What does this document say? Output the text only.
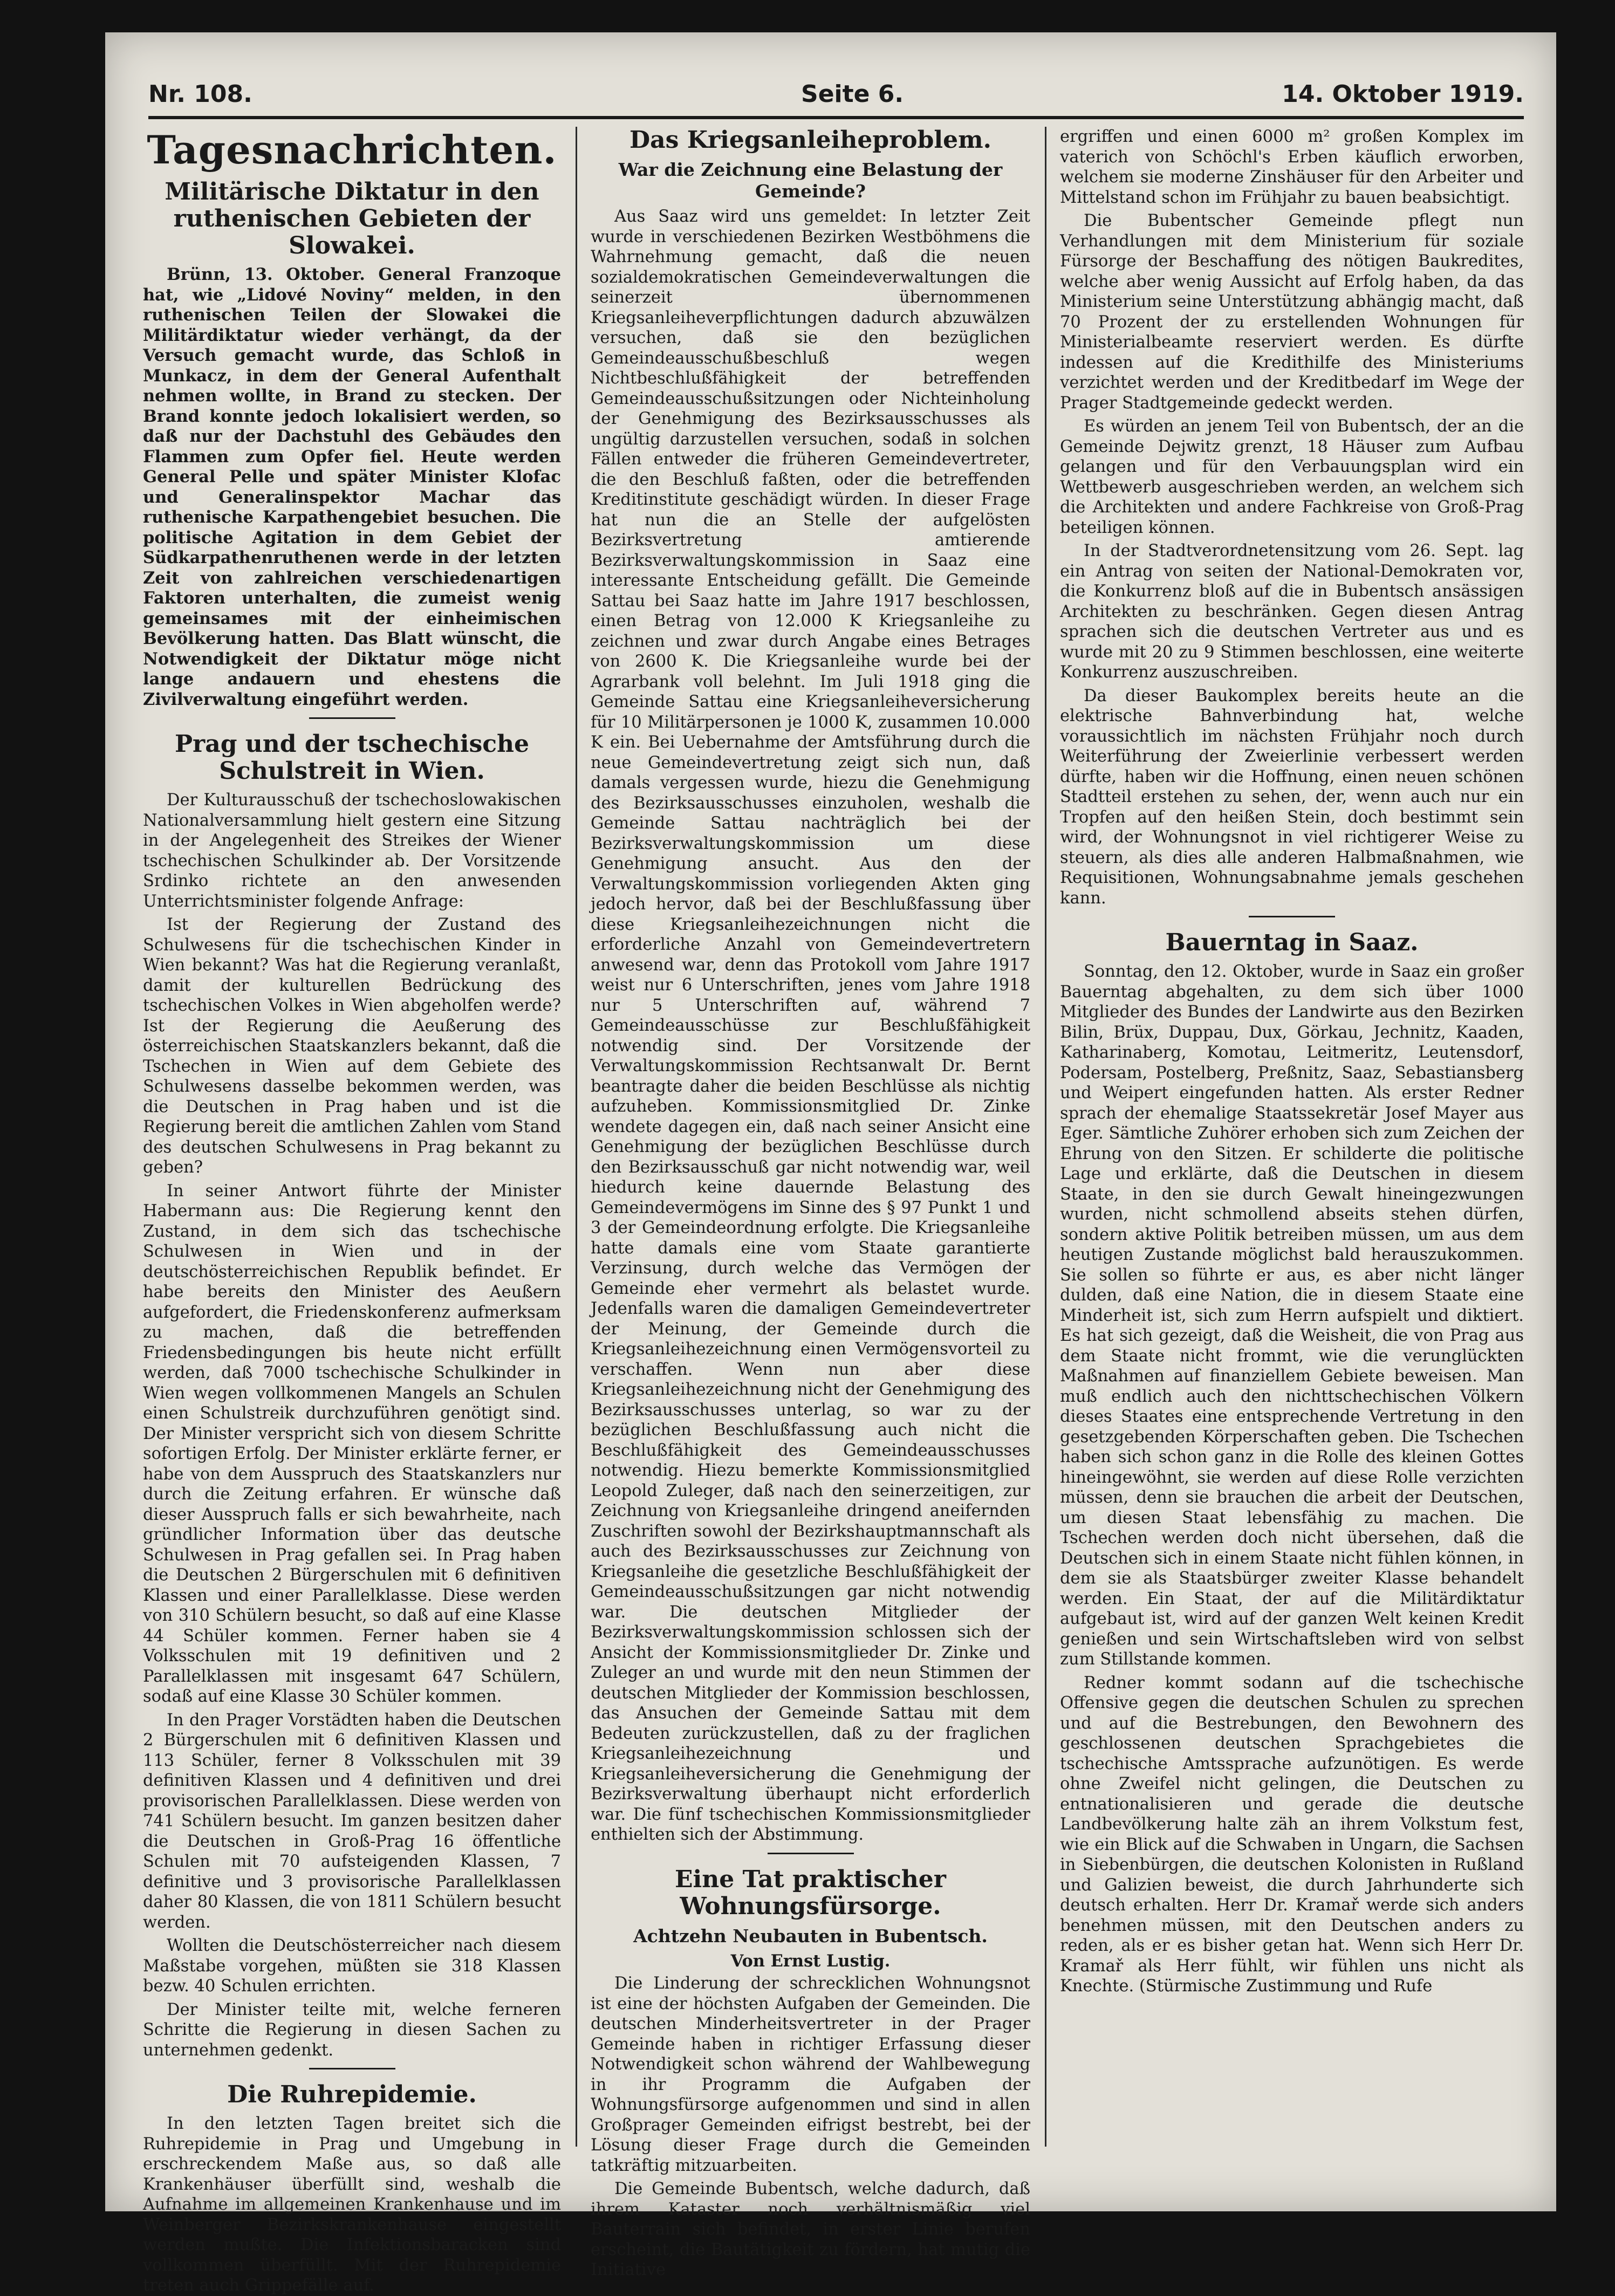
Nr. 108.	Seite 6.	14. Oktober 1919.
Tagesnachrichten.
Militärische Diktatur in den ruthenischen Gebieten der Slowakei.

Brünn, 13. Oktober. General Franzoque hat, wie „Lidové Noviny“ melden, in den ruthenischen Teilen der Slowakei die Militärdiktatur wieder verhängt, da der Versuch gemacht wurde, das Schloß in Munkacz, in dem der General Aufenthalt nehmen wollte, in Brand zu stecken. Der Brand konnte jedoch lokalisiert werden, so daß nur der Dachstuhl des Gebäudes den Flammen zum Opfer fiel. Heute werden General Pelle und später Minister Klofac und Generalinspektor Machar das ruthenische Karpathengebiet besuchen. Die politische Agitation in dem Gebiet der Südkarpathenruthenen werde in der letzten Zeit von zahlreichen verschiedenartigen Faktoren unterhalten, die zumeist wenig gemeinsames mit der einheimischen Bevölkerung hatten. Das Blatt wünscht, die Notwendigkeit der Diktatur möge nicht lange andauern und ehestens die Zivilverwaltung eingeführt werden.

Prag und der tschechische Schulstreit in Wien.

Der Kulturausschuß der tschechoslowakischen Nationalversammlung hielt gestern eine Sitzung in der Angelegenheit des Streikes der Wiener tschechischen Schulkinder ab. Der Vorsitzende Srdinko richtete an den anwesenden Unterrichtsminister folgende Anfrage:

Ist der Regierung der Zustand des Schulwesens für die tschechischen Kinder in Wien bekannt? Was hat die Regierung veranlaßt, damit der kulturellen Bedrückung des tschechischen Volkes in Wien abgeholfen werde? Ist der Regierung die Aeußerung des österreichischen Staatskanzlers bekannt, daß die Tschechen in Wien auf dem Gebiete des Schulwesens dasselbe bekommen werden, was die Deutschen in Prag haben und ist die Regierung bereit die amtlichen Zahlen vom Stand des deutschen Schulwesens in Prag bekannt zu geben?

In seiner Antwort führte der Minister Habermann aus: Die Regierung kennt den Zustand, in dem sich das tschechische Schulwesen in Wien und in der deutschösterreichischen Republik befindet. Er habe bereits den Minister des Aeußern aufgefordert, die Friedenskonferenz aufmerksam zu machen, daß die betreffenden Friedensbedingungen bis heute nicht erfüllt werden, daß 7000 tschechische Schulkinder in Wien wegen vollkommenen Mangels an Schulen einen Schulstreik durchzuführen genötigt sind. Der Minister verspricht sich von diesem Schritte sofortigen Erfolg. Der Minister erklärte ferner, er habe von dem Ausspruch des Staatskanzlers nur durch die Zeitung erfahren. Er wünsche daß dieser Ausspruch falls er sich bewahrheite, nach gründlicher Information über das deutsche Schulwesen in Prag gefallen sei. In Prag haben die Deutschen 2 Bürgerschulen mit 6 definitiven Klassen und einer Parallelklasse. Diese werden von 310 Schülern besucht, so daß auf eine Klasse 44 Schüler kommen. Ferner haben sie 4 Volksschulen mit 19 definitiven und 2 Parallelklassen mit insgesamt 647 Schülern, sodaß auf eine Klasse 30 Schüler kommen.

In den Prager Vorstädten haben die Deutschen 2 Bürgerschulen mit 6 definitiven Klassen und 113 Schüler, ferner 8 Volksschulen mit 39 definitiven Klassen und 4 definitiven und drei provisorischen Parallelklassen. Diese werden von 741 Schülern besucht. Im ganzen besitzen daher die Deutschen in Groß-Prag 16 öffentliche Schulen mit 70 aufsteigenden Klassen, 7 definitive und 3 provisorische Parallelklassen daher 80 Klassen, die von 1811 Schülern besucht werden.

Wollten die Deutschösterreicher nach diesem Maßstabe vorgehen, müßten sie 318 Klassen bezw. 40 Schulen errichten.

Der Minister teilte mit, welche ferneren Schritte die Regierung in diesen Sachen zu unternehmen gedenkt.

Die Ruhrepidemie.

In den letzten Tagen breitet sich die Ruhrepidemie in Prag und Umgebung in erschreckendem Maße aus, so daß alle Krankenhäuser überfüllt sind, weshalb die Aufnahme im allgemeinen Krankenhause und im Weinberger Bezirkskrankenhause eingestellt werden mußte. Die Infektionsbaracken sind vollkommen überfüllt. Mit der Ruhrepidemie treten auch Grippefälle auf.

Das Kriegsanleiheproblem.
War die Zeichnung eine Belastung der Gemeinde?

Aus Saaz wird uns gemeldet: In letzter Zeit wurde in verschiedenen Bezirken Westböhmens die Wahrnehmung gemacht, daß die neuen sozialdemokratischen Gemeindeverwaltungen die seinerzeit übernommenen Kriegsanleiheverpflichtungen dadurch abzuwälzen versuchen, daß sie den bezüglichen Gemeindeausschußbeschluß wegen Nichtbeschlußfähigkeit der betreffenden Gemeindeausschußsitzungen oder Nichteinholung der Genehmigung des Bezirksausschusses als ungültig darzustellen versuchen, sodaß in solchen Fällen entweder die früheren Gemeindevertreter, die den Beschluß faßten, oder die betreffenden Kreditinstitute geschädigt würden. In dieser Frage hat nun die an Stelle der aufgelösten Bezirksvertretung amtierende Bezirksverwaltungskommission in Saaz eine interessante Entscheidung gefällt. Die Gemeinde Sattau bei Saaz hatte im Jahre 1917 beschlossen, einen Betrag von 12.000 K Kriegsanleihe zu zeichnen und zwar durch Angabe eines Betrages von 2600 K. Die Kriegsanleihe wurde bei der Agrarbank voll belehnt. Im Juli 1918 ging die Gemeinde Sattau eine Kriegsanleiheversicherung für 10 Militärpersonen je 1000 K, zusammen 10.000 K ein. Bei Uebernahme der Amtsführung durch die neue Gemeindevertretung zeigt sich nun, daß damals vergessen wurde, hiezu die Genehmigung des Bezirksausschusses einzuholen, weshalb die Gemeinde Sattau nachträglich bei der Bezirksverwaltungskommission um diese Genehmigung ansucht. Aus den der Verwaltungskommission vorliegenden Akten ging jedoch hervor, daß bei der Beschlußfassung über diese Kriegsanleihezeichnungen nicht die erforderliche Anzahl von Gemeindevertretern anwesend war, denn das Protokoll vom Jahre 1917 weist nur 6 Unterschriften, jenes vom Jahre 1918 nur 5 Unterschriften auf, während 7 Gemeindeausschüsse zur Beschlußfähigkeit notwendig sind. Der Vorsitzende der Verwaltungskommission Rechtsanwalt Dr. Bernt beantragte daher die beiden Beschlüsse als nichtig aufzuheben. Kommissionsmitglied Dr. Zinke wendete dagegen ein, daß nach seiner Ansicht eine Genehmigung der bezüglichen Beschlüsse durch den Bezirksausschuß gar nicht notwendig war, weil hiedurch keine dauernde Belastung des Gemeindevermögens im Sinne des § 97 Punkt 1 und 3 der Gemeindeordnung erfolgte. Die Kriegsanleihe hatte damals eine vom Staate garantierte Verzinsung, durch welche das Vermögen der Gemeinde eher vermehrt als belastet wurde. Jedenfalls waren die damaligen Gemeindevertreter der Meinung, der Gemeinde durch die Kriegsanleihezeichnung einen Vermögensvorteil zu verschaffen. Wenn nun aber diese Kriegsanleihezeichnung nicht der Genehmigung des Bezirksausschusses unterlag, so war zu der bezüglichen Beschlußfassung auch nicht die Beschlußfähigkeit des Gemeindeausschusses notwendig. Hiezu bemerkte Kommissionsmitglied Leopold Zuleger, daß nach den seinerzeitigen, zur Zeichnung von Kriegsanleihe dringend aneifernden Zuschriften sowohl der Bezirkshauptmannschaft als auch des Bezirksausschusses zur Zeichnung von Kriegsanleihe die gesetzliche Beschlußfähigkeit der Gemeindeausschußsitzungen gar nicht notwendig war. Die deutschen Mitglieder der Bezirksverwaltungskommission schlossen sich der Ansicht der Kommissionsmitglieder Dr. Zinke und Zuleger an und wurde mit den neun Stimmen der deutschen Mitglieder der Kommission beschlossen, das Ansuchen der Gemeinde Sattau mit dem Bedeuten zurückzustellen, daß zu der fraglichen Kriegsanleihezeichnung und Kriegsanleiheversicherung die Genehmigung der Bezirksverwaltung überhaupt nicht erforderlich war. Die fünf tschechischen Kommissionsmitglieder enthielten sich der Abstimmung.

Eine Tat praktischer Wohnungsfürsorge.
Achtzehn Neubauten in Bubentsch.
Von Ernst Lustig.

Die Linderung der schrecklichen Wohnungsnot ist eine der höchsten Aufgaben der Gemeinden. Die deutschen Minderheitsvertreter in der Prager Gemeinde haben in richtiger Erfassung dieser Notwendigkeit schon während der Wahlbewegung in ihr Programm die Aufgaben der Wohnungsfürsorge aufgenommen und sind in allen Großprager Gemeinden eifrigst bestrebt, bei der Lösung dieser Frage durch die Gemeinden tatkräftig mitzuarbeiten.

Die Gemeinde Bubentsch, welche dadurch, daß ihrem Kataster noch verhältnismäßig viel Bauterrain sich befindet, in erster Linie berufen erscheint, die Bautätigkeit zu fördern, hat mutig die Initiative

ergriffen und einen 6000 m² großen Komplex im vaterich von Schöchl's Erben käuflich erworben, welchem sie moderne Zinshäuser für den Arbeiter und Mittelstand schon im Frühjahr zu bauen beabsichtigt.

Die Bubentscher Gemeinde pflegt nun Verhandlungen mit dem Ministerium für soziale Fürsorge der Beschaffung des nötigen Baukredites, welche aber wenig Aussicht auf Erfolg haben, da das Ministerium seine Unterstützung abhängig macht, daß 70 Prozent der zu erstellenden Wohnungen für Ministerialbeamte reserviert werden. Es dürfte indessen auf die Kredithilfe des Ministeriums verzichtet werden und der Kreditbedarf im Wege der Prager Stadtgemeinde gedeckt werden.

Es würden an jenem Teil von Bubentsch, der an die Gemeinde Dejwitz grenzt, 18 Häuser zum Aufbau gelangen und für den Verbauungsplan wird ein Wettbewerb ausgeschrieben werden, an welchem sich die Architekten und andere Fachkreise von Groß-Prag beteiligen können.

In der Stadtverordnetensitzung vom 26. Sept. lag ein Antrag von seiten der National-Demokraten vor, die Konkurrenz bloß auf die in Bubentsch ansässigen Architekten zu beschränken. Gegen diesen Antrag sprachen sich die deutschen Vertreter aus und es wurde mit 20 zu 9 Stimmen beschlossen, eine weiterte Konkurrenz auszuschreiben.

Da dieser Baukomplex bereits heute an die elektrische Bahnverbindung hat, welche voraussichtlich im nächsten Frühjahr noch durch Weiterführung der Zweierlinie verbessert werden dürfte, haben wir die Hoffnung, einen neuen schönen Stadtteil erstehen zu sehen, der, wenn auch nur ein Tropfen auf den heißen Stein, doch bestimmt sein wird, der Wohnungsnot in viel richtigerer Weise zu steuern, als dies alle anderen Halbmaßnahmen, wie Requisitionen, Wohnungsabnahme jemals geschehen kann.

Bauerntag in Saaz.

Sonntag, den 12. Oktober, wurde in Saaz ein großer Bauerntag abgehalten, zu dem sich über 1000 Mitglieder des Bundes der Landwirte aus den Bezirken Bilin, Brüx, Duppau, Dux, Görkau, Jechnitz, Kaaden, Katharinaberg, Komotau, Leitmeritz, Leutensdorf, Podersam, Postelberg, Preßnitz, Saaz, Sebastiansberg und Weipert eingefunden hatten. Als erster Redner sprach der ehemalige Staatssekretär Josef Mayer aus Eger. Sämtliche Zuhörer erhoben sich zum Zeichen der Ehrung von den Sitzen. Er schilderte die politische Lage und erklärte, daß die Deutschen in diesem Staate, in den sie durch Gewalt hineingezwungen wurden, nicht schmollend abseits stehen dürfen, sondern aktive Politik betreiben müssen, um aus dem heutigen Zustande möglichst bald herauszukommen. Sie sollen so führte er aus, es aber nicht länger dulden, daß eine Nation, die in diesem Staate eine Minderheit ist, sich zum Herrn aufspielt und diktiert. Es hat sich gezeigt, daß die Weisheit, die von Prag aus dem Staate nicht frommt, wie die verunglückten Maßnahmen auf finanziellem Gebiete beweisen. Man muß endlich auch den nichttschechischen Völkern dieses Staates eine entsprechende Vertretung in den gesetzgebenden Körperschaften geben. Die Tschechen haben sich schon ganz in die Rolle des kleinen Gottes hineingewöhnt, sie werden auf diese Rolle verzichten müssen, denn sie brauchen die arbeit der Deutschen, um diesen Staat lebensfähig zu machen. Die Tschechen werden doch nicht übersehen, daß die Deutschen sich in einem Staate nicht fühlen können, in dem sie als Staatsbürger zweiter Klasse behandelt werden. Ein Staat, der auf die Militärdiktatur aufgebaut ist, wird auf der ganzen Welt keinen Kredit genießen und sein Wirtschaftsleben wird von selbst zum Stillstande kommen.

Redner kommt sodann auf die tschechische Offensive gegen die deutschen Schulen zu sprechen und auf die Bestrebungen, den Bewohnern des geschlossenen deutschen Sprachgebietes die tschechische Amtssprache aufzunötigen. Es werde ohne Zweifel nicht gelingen, die Deutschen zu entnationalisieren und gerade die deutsche Landbevölkerung halte zäh an ihrem Volkstum fest, wie ein Blick auf die Schwaben in Ungarn, die Sachsen in Siebenbürgen, die deutschen Kolonisten in Rußland und Galizien beweist, die durch Jahrhunderte sich deutsch erhalten. Herr Dr. Kramař werde sich anders benehmen müssen, mit den Deutschen anders zu reden, als er es bisher getan hat. Wenn sich Herr Dr. Kramař als Herr fühlt, wir fühlen uns nicht als Knechte. (Stürmische Zustimmung und Rufe
